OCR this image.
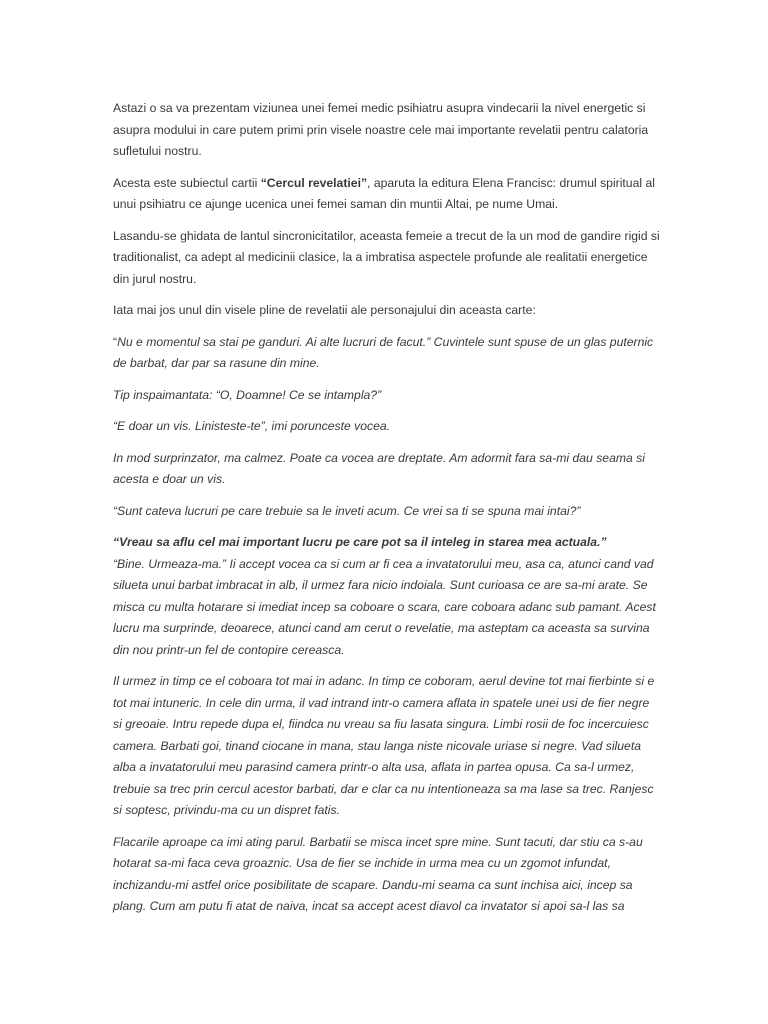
Astazi o sa va prezentam viziunea unei femei medic psihiatru asupra vindecarii la nivel energetic si asupra modului in care putem primi prin visele noastre cele mai importante revelatii pentru calatoria sufletului nostru.

Acesta este subiectul cartii “Cercul revelatiei”, aparuta la editura Elena Francisc: drumul spiritual al unui psihiatru ce ajunge ucenica unei femei saman din muntii Altai, pe nume Umai.

Lasandu-se ghidata de lantul sincronicitatilor, aceasta femeie a trecut de la un mod de gandire rigid si traditionalist, ca adept al medicinii clasice, la a imbratisa aspectele profunde ale realitatii energetice din jurul nostru.

Iata mai jos unul din visele pline de revelatii ale personajului din aceasta carte:

“Nu e momentul sa stai pe ganduri. Ai alte lucruri de facut.” Cuvintele sunt spuse de un glas puternic de barbat, dar par sa rasune din mine.

Tip inspaimantata: “O, Doamne! Ce se intampla?”

“E doar un vis. Linisteste-te”, imi porunceste vocea.

In mod surprinzator, ma calmez. Poate ca vocea are dreptate. Am adormit fara sa-mi dau seama si acesta e doar un vis.

“Sunt cateva lucruri pe care trebuie sa le inveti acum. Ce vrei sa ti se spuna mai intai?”

“Vreau sa aflu cel mai important lucru pe care pot sa il inteleg in starea mea actuala.”

“Bine. Urmeaza-ma.” Ii accept vocea ca si cum ar fi cea a invatatorului meu, asa ca, atunci cand vad silueta unui barbat imbracat in alb, il urmez fara nicio indoiala. Sunt curioasa ce are sa-mi arate. Se misca cu multa hotarare si imediat incep sa coboare o scara, care coboara adanc sub pamant. Acest lucru ma surprinde, deoarece, atunci cand am cerut o revelatie, ma asteptam ca aceasta sa survina din nou printr-un fel de contopire cereasca.

Il urmez in timp ce el coboara tot mai in adanc. In timp ce coboram, aerul devine tot mai fierbinte si e tot mai intuneric. In cele din urma, il vad intrand intr-o camera aflata in spatele unei usi de fier negre si greoaie. Intru repede dupa el, fiindca nu vreau sa fiu lasata singura. Limbi rosii de foc incercuiesc camera. Barbati goi, tinand ciocane in mana, stau langa niste nicovale uriase si negre. Vad silueta alba a invatatorului meu parasind camera printr-o alta usa, aflata in partea opusa. Ca sa-l urmez, trebuie sa trec prin cercul acestor barbati, dar e clar ca nu intentioneaza sa ma lase sa trec. Ranjesc si soptesc, privindu-ma cu un dispret fatis.

Flacarile aproape ca imi ating parul. Barbatii se misca incet spre mine. Sunt tacuti, dar stiu ca s-au hotarat sa-mi faca ceva groaznic. Usa de fier se inchide in urma mea cu un zgomot infundat, inchizandu-mi astfel orice posibilitate de scapare. Dandu-mi seama ca sunt inchisa aici, incep sa plang. Cum am putu fi atat de naiva, incat sa accept acest diavol ca invatator si apoi sa-l las sa
